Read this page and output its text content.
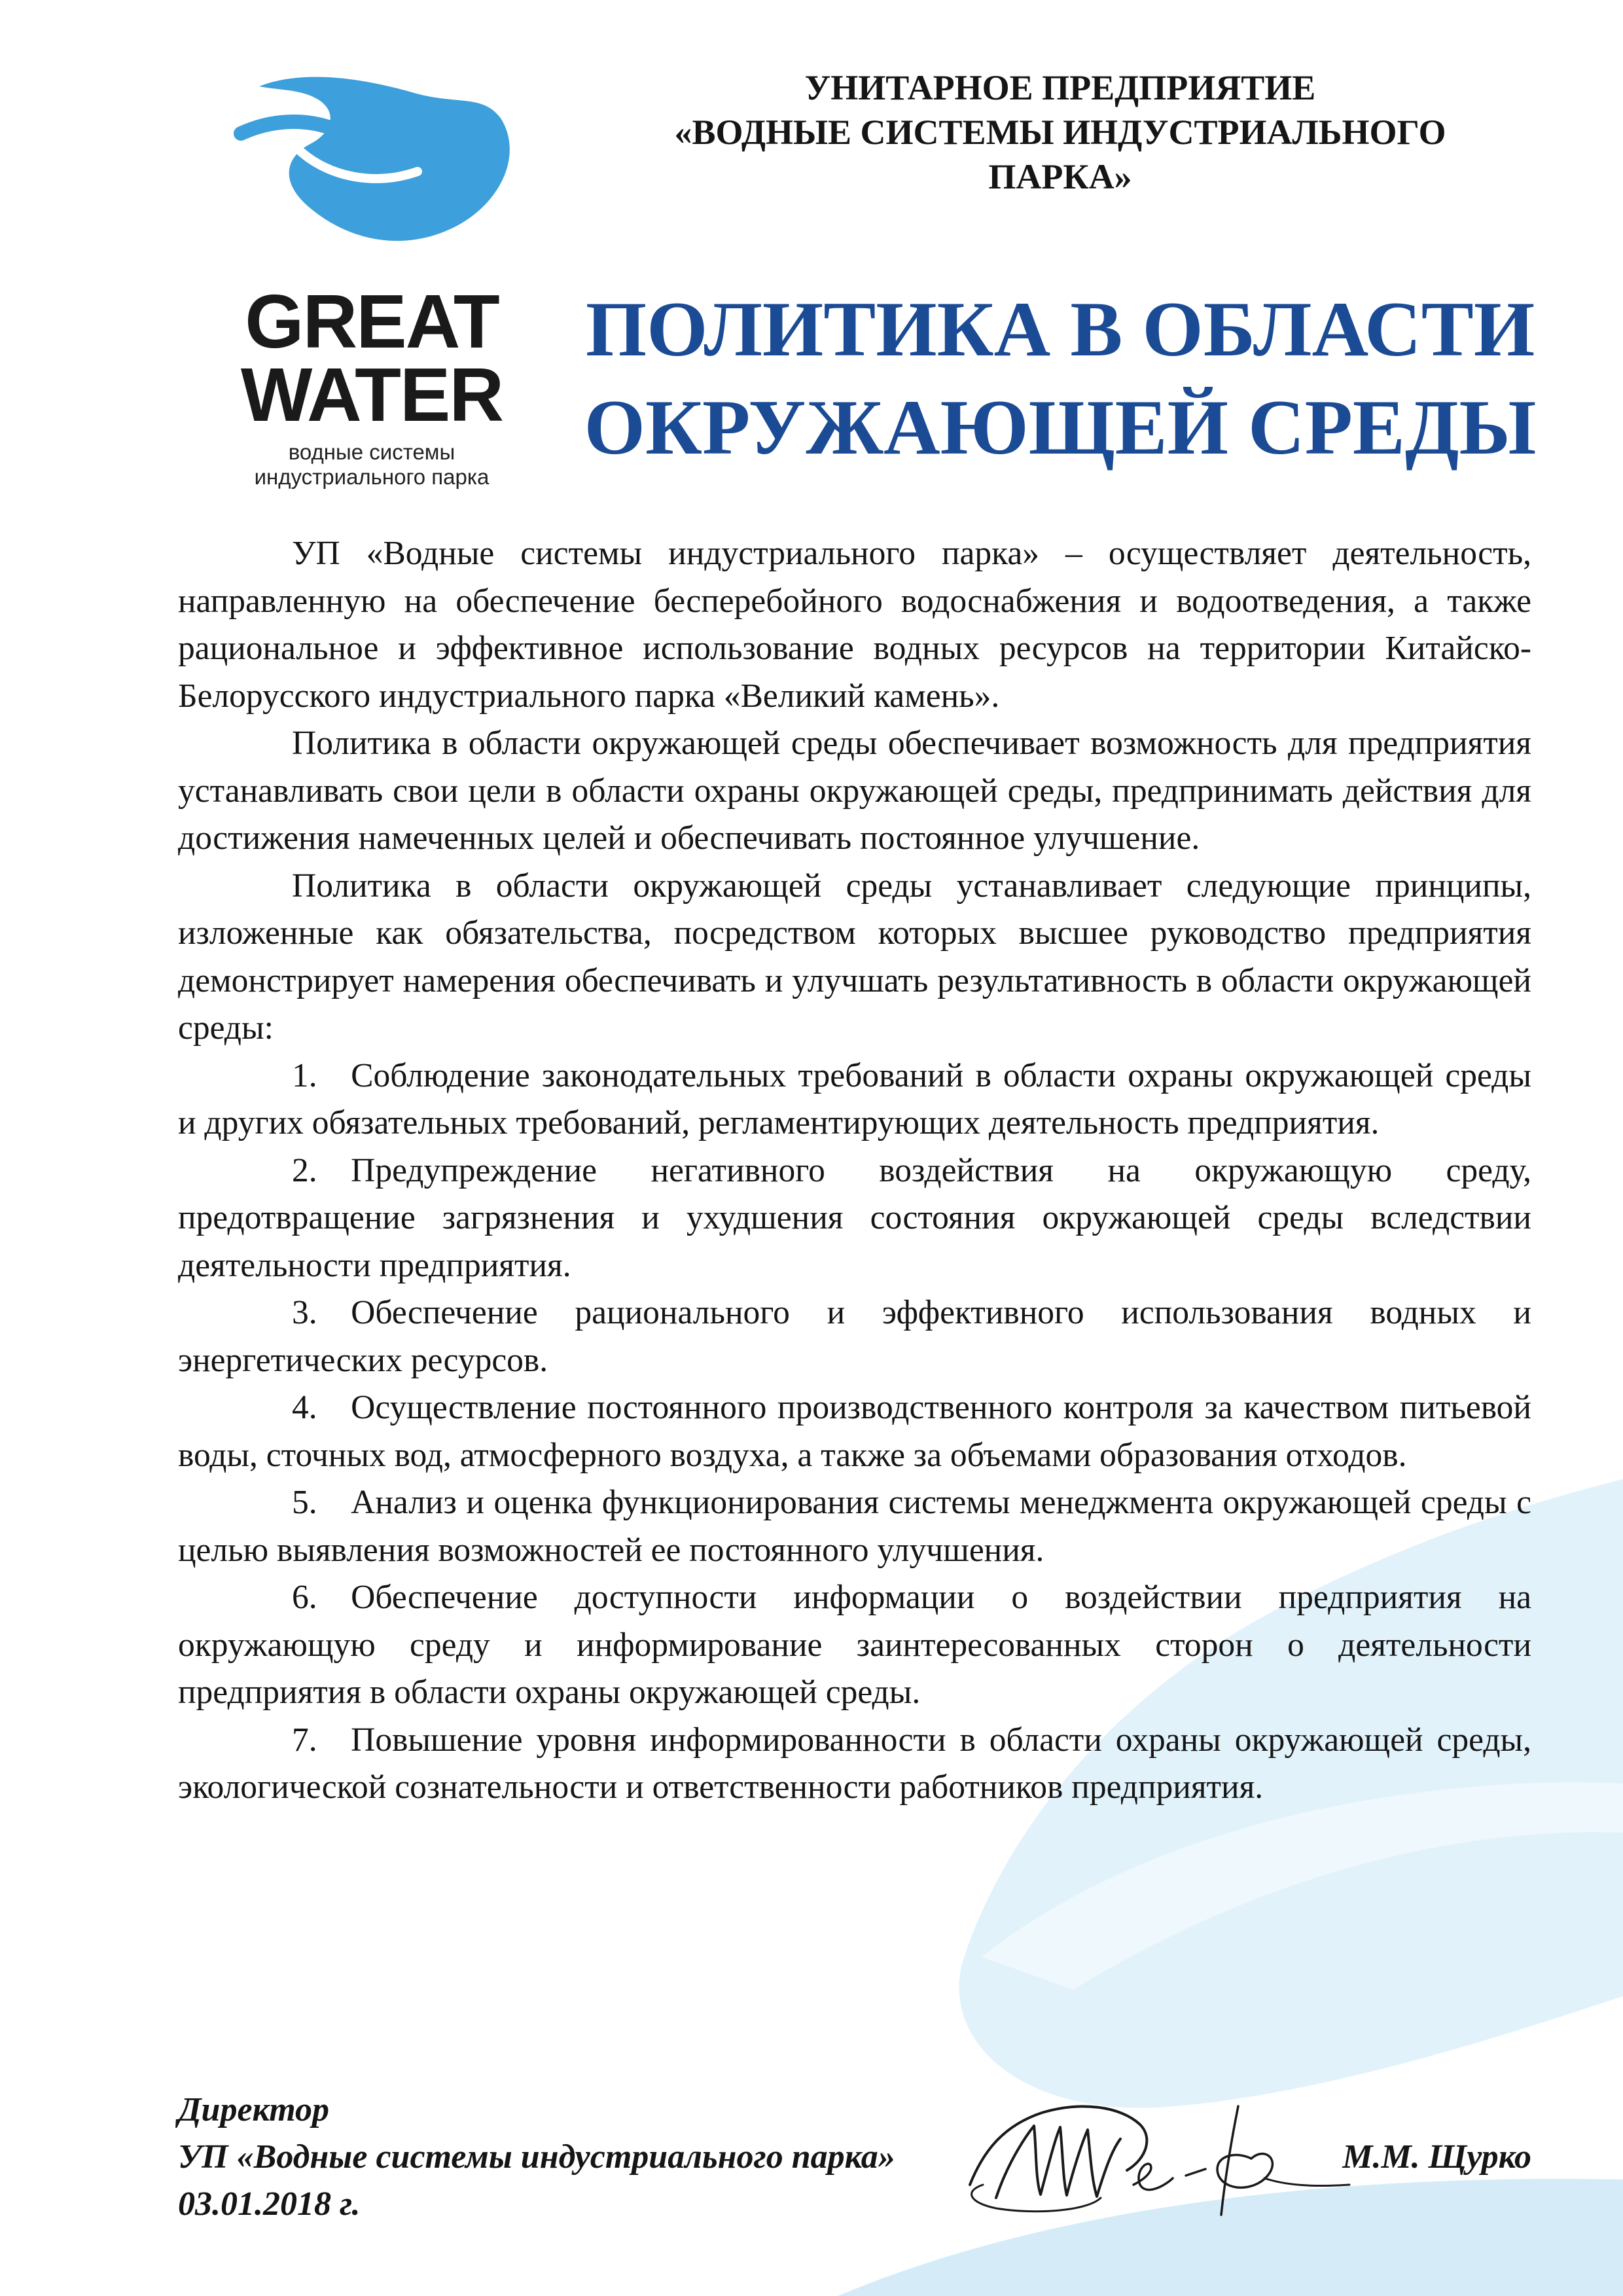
GREAT
WATER
водные системы
индустриального парка
УНИТАРНОЕ ПРЕДПРИЯТИЕ
«ВОДНЫЕ СИСТЕМЫ ИНДУСТРИАЛЬНОГО
ПАРКА»
ПОЛИТИКА В ОБЛАСТИ
ОКРУЖАЮЩЕЙ СРЕДЫ

УП «Водные системы индустриального парка» – осуществляет деятельность, направленную на обеспечение бесперебойного водоснабжения и водоотведения, а также рациональное и эффективное использование водных ресурсов на территории Китайско-Белорусского индустриального парка «Великий камень».

Политика в области окружающей среды обеспечивает возможность для предприятия устанавливать свои цели в области охраны окружающей среды, предпринимать действия для достижения намеченных целей и обеспечивать постоянное улучшение.

Политика в области окружающей среды устанавливает следующие принципы, изложенные как обязательства, посредством которых высшее руководство предприятия демонстрирует намерения обеспечивать и улучшать результативность в области окружающей среды:

1. Соблюдение законодательных требований в области охраны окружающей среды и других обязательных требований, регламентирующих деятельность предприятия.

2. Предупреждение негативного воздействия на окружающую среду, предотвращение загрязнения и ухудшения состояния окружающей среды вследствии деятельности предприятия.

3. Обеспечение рационального и эффективного использования водных и энергетических ресурсов.

4. Осуществление постоянного производственного контроля за качеством питьевой воды, сточных вод, атмосферного воздуха, а также за объемами образования отходов.

5. Анализ и оценка функционирования системы менеджмента окружающей среды с целью выявления возможностей ее постоянного улучшения.

6. Обеспечение доступности информации о воздействии предприятия на окружающую среду и информирование заинтересованных сторон о деятельности предприятия в области охраны окружающей среды.

7. Повышение уровня информированности в области охраны окружающей среды, экологической сознательности и ответственности работников предприятия.

Директор
УП «Водные системы индустриального парка»
03.01.2018 г.
М.М. Щурко
